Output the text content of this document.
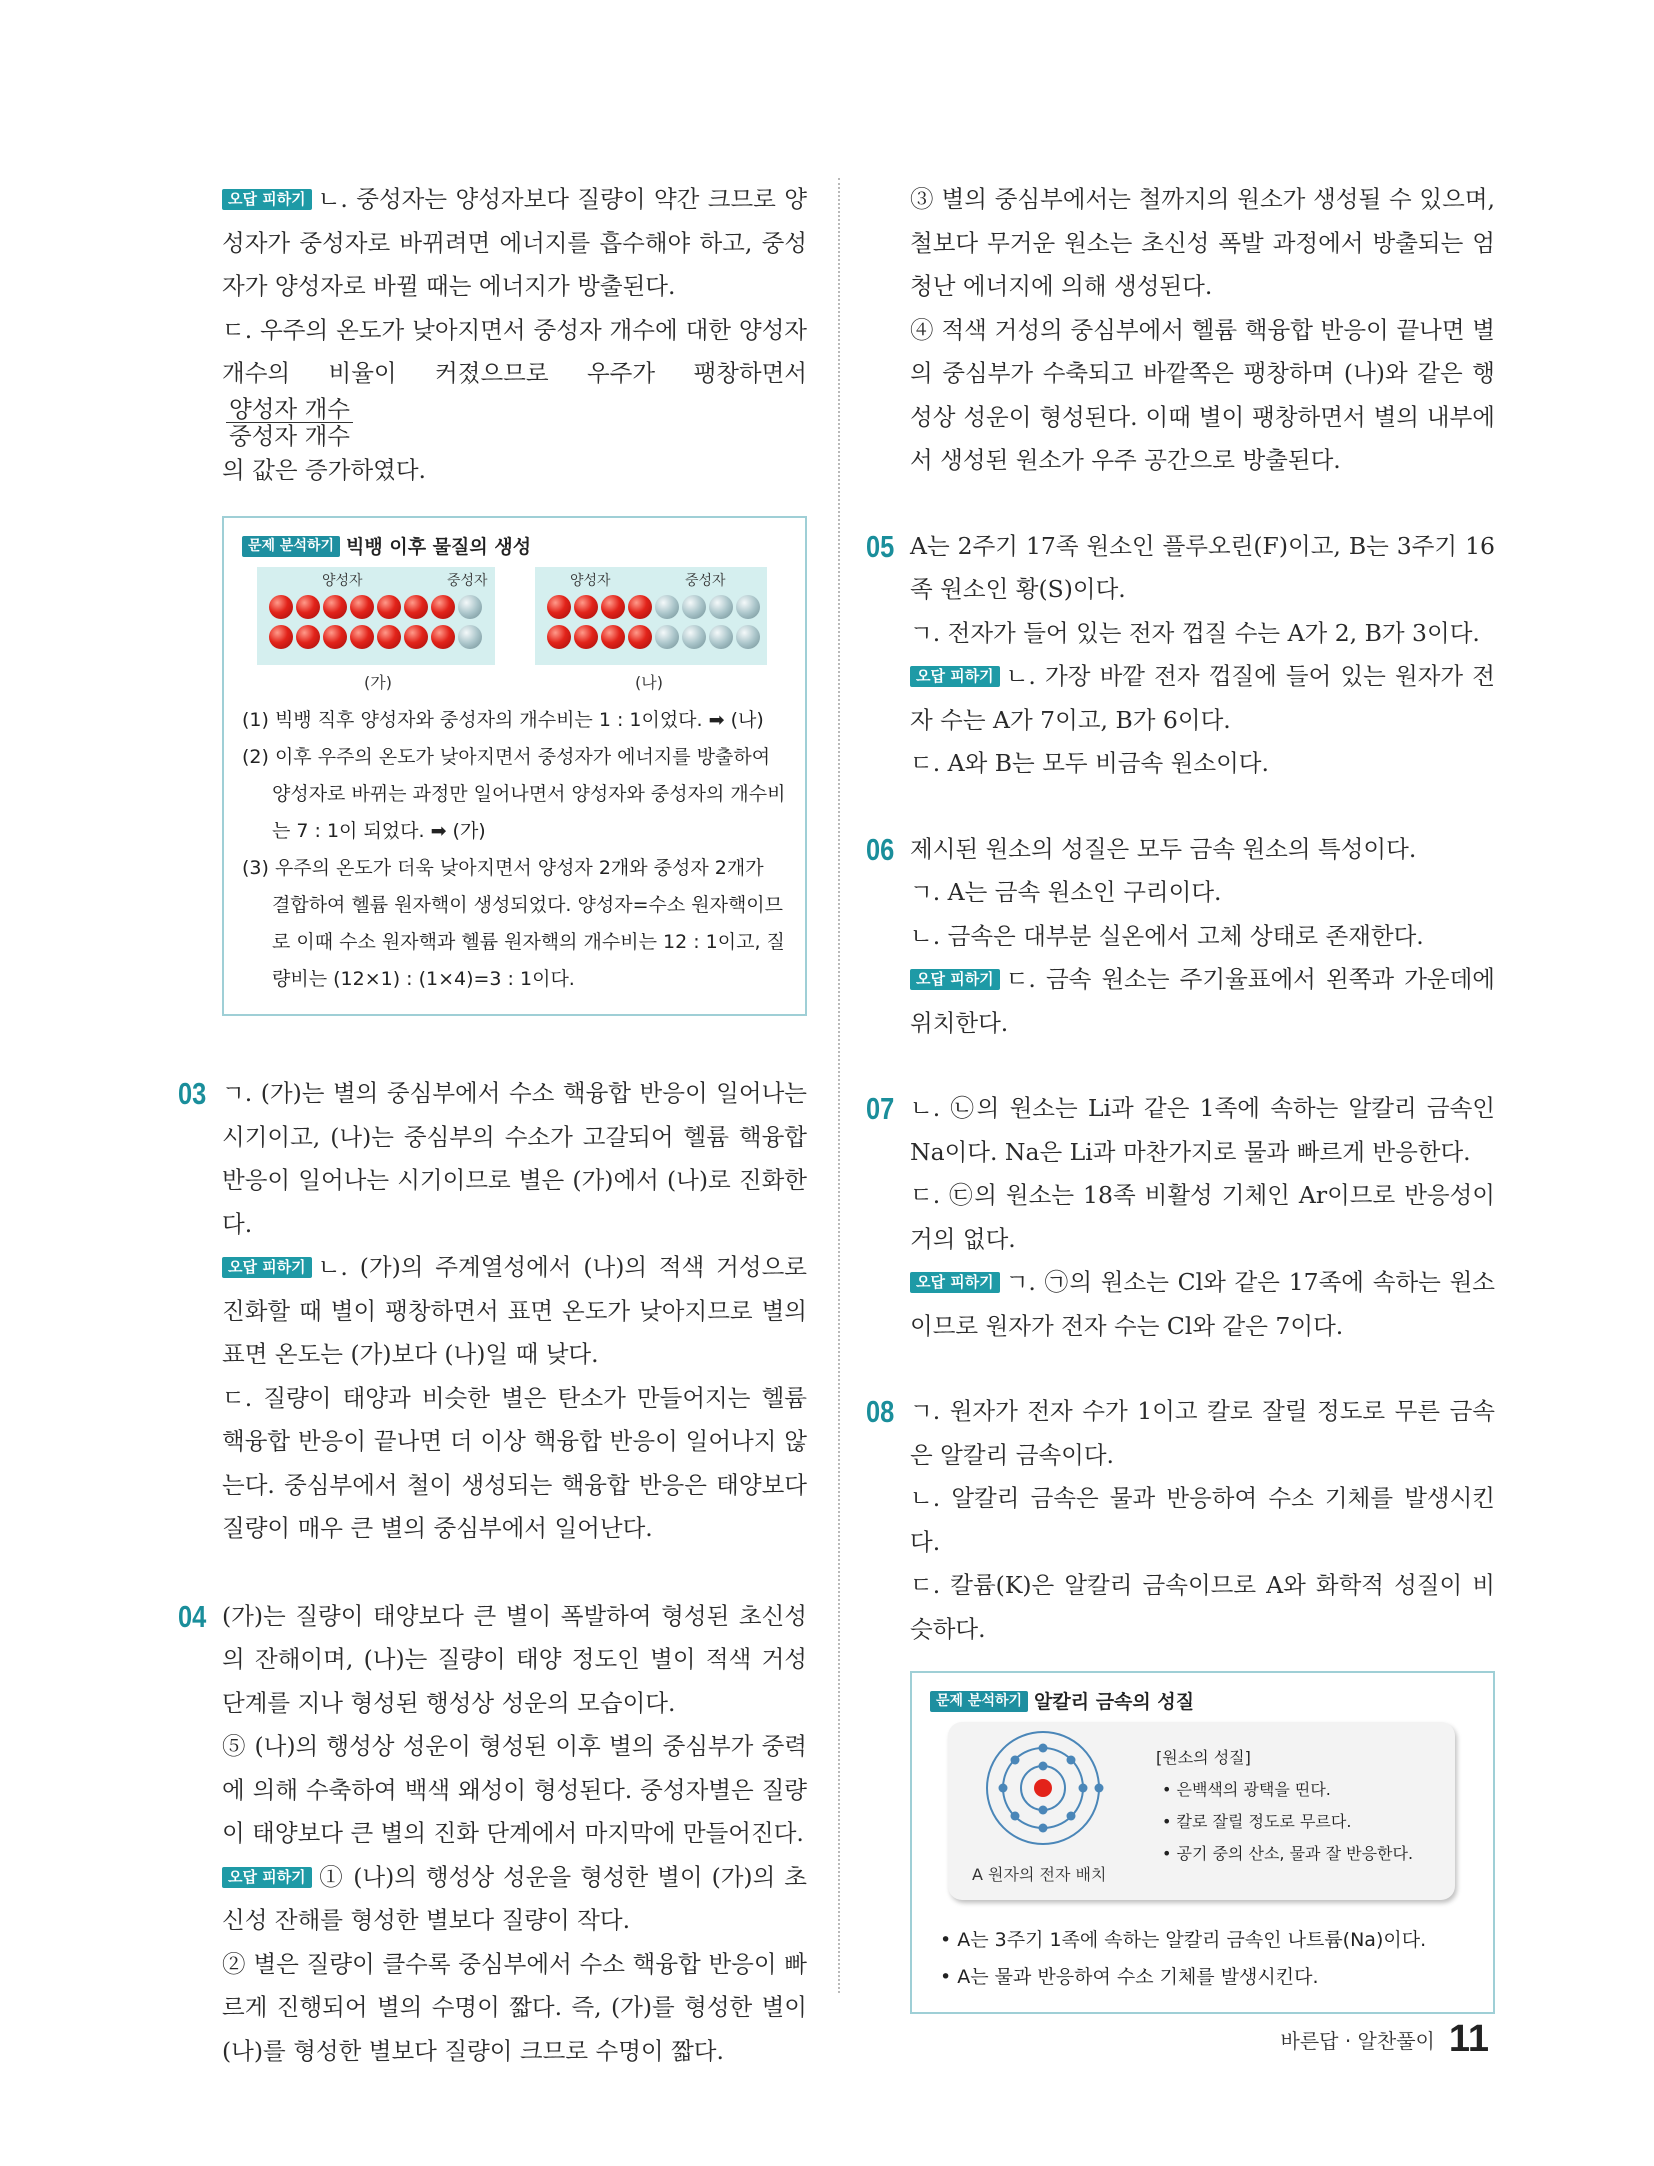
오답 피하기 ㄴ. 중성자는 양성자보다 질량이 약간 크므로 양성자가 중성자로 바뀌려면 에너지를 흡수해야 하고, 중성자가 양성자로 바뀔 때는 에너지가 방출된다.

ㄷ. 우주의 온도가 낮아지면서 중성자 개수에 대한 양성자 개수의 비율이 커졌으므로 우주가 팽창하면서
$\frac{\text{양성자 개수}}{\text{중성자 개수}}$

의 값은 증가하였다.

문제 분석하기 빅뱅 이후 물질의 생성
양성자	중성자	양성자	중성자
(가)	(나)
(1) 빅뱅 직후 양성자와 중성자의 개수비는 1 : 1이었다. ➡ (나)
(2) 이후 우주의 온도가 낮아지면서 중성자가 에너지를 방출하여 양성자로 바뀌는 과정만 일어나면서 양성자와 중성자의 개수비는 7 : 1이 되었다. ➡ (가)
(3) 우주의 온도가 더욱 낮아지면서 양성자 2개와 중성자 2개가 결합하여 헬륨 원자핵이 생성되었다. 양성자=수소 원자핵이므로 이때 수소 원자핵과 헬륨 원자핵의 개수비는 12 : 1이고, 질량비는 (12×1) : (1×4)=3 : 1이다.
03 ㄱ. (가)는 별의 중심부에서 수소 핵융합 반응이 일어나는 시기이고, (나)는 중심부의 수소가 고갈되어 헬륨 핵융합 반응이 일어나는 시기이므로 별은 (가)에서 (나)로 진화한다.

오답 피하기 ㄴ. (가)의 주계열성에서 (나)의 적색 거성으로 진화할 때 별이 팽창하면서 표면 온도가 낮아지므로 별의 표면 온도는 (가)보다 (나)일 때 낮다.

ㄷ. 질량이 태양과 비슷한 별은 탄소가 만들어지는 헬륨 핵융합 반응이 끝나면 더 이상 핵융합 반응이 일어나지 않는다. 중심부에서 철이 생성되는 핵융합 반응은 태양보다 질량이 매우 큰 별의 중심부에서 일어난다.

04 (가)는 질량이 태양보다 큰 별이 폭발하여 형성된 초신성의 잔해이며, (나)는 질량이 태양 정도인 별이 적색 거성 단계를 지나 형성된 행성상 성운의 모습이다.

⑤ (나)의 행성상 성운이 형성된 이후 별의 중심부가 중력에 의해 수축하여 백색 왜성이 형성된다. 중성자별은 질량이 태양보다 큰 별의 진화 단계에서 마지막에 만들어진다.

오답 피하기 ① (나)의 행성상 성운을 형성한 별이 (가)의 초신성 잔해를 형성한 별보다 질량이 작다.

② 별은 질량이 클수록 중심부에서 수소 핵융합 반응이 빠르게 진행되어 별의 수명이 짧다. 즉, (가)를 형성한 별이 (나)를 형성한 별보다 질량이 크므로 수명이 짧다.

③ 별의 중심부에서는 철까지의 원소가 생성될 수 있으며, 철보다 무거운 원소는 초신성 폭발 과정에서 방출되는 엄청난 에너지에 의해 생성된다.

④ 적색 거성의 중심부에서 헬륨 핵융합 반응이 끝나면 별의 중심부가 수축되고 바깥쪽은 팽창하며 (나)와 같은 행성상 성운이 형성된다. 이때 별이 팽창하면서 별의 내부에서 생성된 원소가 우주 공간으로 방출된다.

05 A는 2주기 17족 원소인 플루오린(F)이고, B는 3주기 16족 원소인 황(S)이다.

ㄱ. 전자가 들어 있는 전자 껍질 수는 A가 2, B가 3이다.

오답 피하기 ㄴ. 가장 바깥 전자 껍질에 들어 있는 원자가 전자 수는 A가 7이고, B가 6이다.

ㄷ. A와 B는 모두 비금속 원소이다.

06 제시된 원소의 성질은 모두 금속 원소의 특성이다.

ㄱ. A는 금속 원소인 구리이다.

ㄴ. 금속은 대부분 실온에서 고체 상태로 존재한다.

오답 피하기 ㄷ. 금속 원소는 주기율표에서 왼쪽과 가운데에 위치한다.

07 ㄴ. ㉡의 원소는 Li과 같은 1족에 속하는 알칼리 금속인 Na이다. Na은 Li과 마찬가지로 물과 빠르게 반응한다.

ㄷ. ㉢의 원소는 18족 비활성 기체인 Ar이므로 반응성이 거의 없다.

오답 피하기 ㄱ. ㉠의 원소는 Cl와 같은 17족에 속하는 원소이므로 원자가 전자 수는 Cl와 같은 7이다.

08 ㄱ. 원자가 전자 수가 1이고 칼로 잘릴 정도로 무른 금속은 알칼리 금속이다.

ㄴ. 알칼리 금속은 물과 반응하여 수소 기체를 발생시킨다.

ㄷ. 칼륨(K)은 알칼리 금속이므로 A와 화학적 성질이 비슷하다.

문제 분석하기 알칼리 금속의 성질
A 원자의 전자 배치
[원소의 성질]
• 은백색의 광택을 띤다.
• 칼로 잘릴 정도로 무르다.
• 공기 중의 산소, 물과 잘 반응한다.
• A는 3주기 1족에 속하는 알칼리 금속인 나트륨(Na)이다.
• A는 물과 반응하여 수소 기체를 발생시킨다.
바른답 · 알찬풀이 11
